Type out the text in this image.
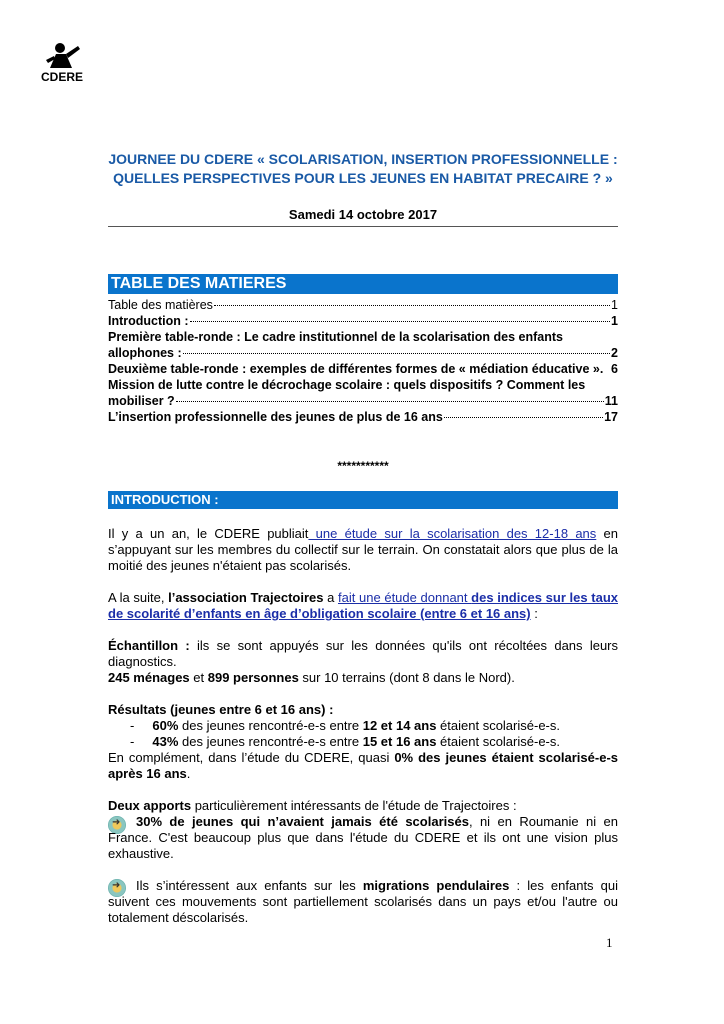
CDERE
JOURNEE DU CDERE « SCOLARISATION, INSERTION PROFESSIONNELLE :
QUELLES PERSPECTIVES POUR LES JEUNES EN HABITAT PRECAIRE ? »
Samedi 14 octobre 2017
TABLE DES MATIERES
Table des matières	1
Introduction :	1
Première table-ronde : Le cadre institutionnel de la scolarisation des enfants
allophones :	2
Deuxième table-ronde : exemples de différentes formes de « médiation éducative ». 6
Mission de lutte contre le décrochage scolaire : quels dispositifs ? Comment les
mobiliser ?	11
L’insertion professionnelle des jeunes de plus de 16 ans	17
***********
INTRODUCTION :
Il y a un an, le CDERE publiait une étude sur la scolarisation des 12-18 ans en s’appuyant sur les membres du collectif sur le terrain. On constatait alors que plus de la moitié des jeunes n'étaient pas scolarisés.
A la suite, l’association Trajectoires a fait une étude donnant des indices sur les taux de scolarité d’enfants en âge d’obligation scolaire (entre 6 et 16 ans) :
Échantillon : ils se sont appuyés sur les données qu'ils ont récoltées dans leurs diagnostics.
245 ménages et 899 personnes sur 10 terrains (dont 8 dans le Nord).
Résultats (jeunes entre 6 et 16 ans) :
- 60% des jeunes rencontré-e-s entre 12 et 14 ans étaient scolarisé-e-s.
- 43% des jeunes rencontré-e-s entre 15 et 16 ans étaient scolarisé-e-s.
En complément, dans l’étude du CDERE, quasi 0% des jeunes étaient scolarisé-e-s après 16 ans.
Deux apports particulièrement intéressants de l'étude de Trajectoires :
➜
30% de jeunes qui n’avaient jamais été scolarisés, ni en Roumanie ni en France. C'est beaucoup plus que dans l'étude du CDERE et ils ont une vision plus exhaustive.
➜
Ils s’intéressent aux enfants sur les migrations pendulaires : les enfants qui suivent ces mouvements sont partiellement scolarisés dans un pays et/ou l'autre ou totalement déscolarisés.
1
